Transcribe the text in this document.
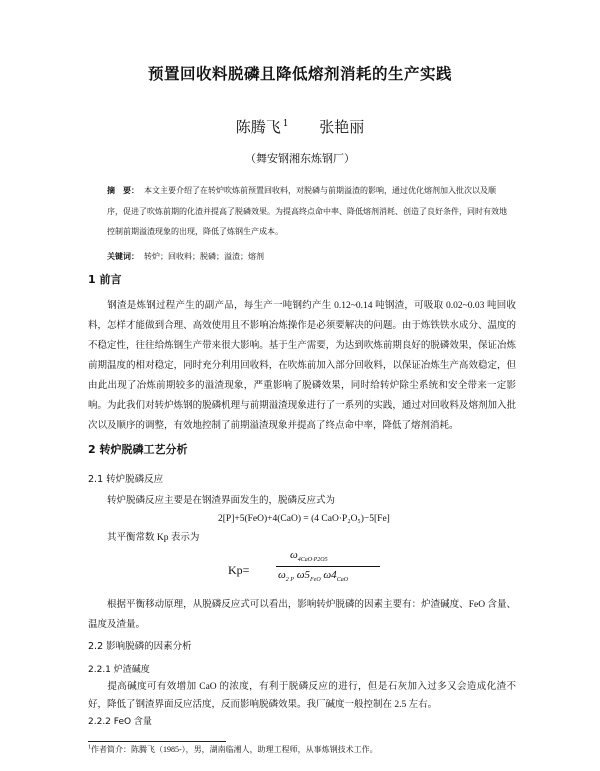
预置回收料脱磷且降低熔剂消耗的生产实践
陈腾飞 $^1$ 张艳丽
（舞安钢湘东炼钢厂）
摘　要： 本文主要介绍了在转炉吹炼前预置回收料，对脱磷与前期溢渣的影响，通过优化熔剂加入批次以及顺序，促进了吹炼前期的化渣并提高了脱磷效果。为提高终点命中率、降低熔剂消耗、创造了良好条件，同时有效地控制前期溢渣现象的出现，降低了炼钢生产成本。
关键词： 转炉；回收料；脱磷；溢渣；熔剂
1 前言
钢渣是炼钢过程产生的副产品，每生产一吨钢约产生 0.12~0.14 吨钢渣，可吸取 0.02~0.03 吨回收料，怎样才能做到合理、高效使用且不影响冶炼操作是必须要解决的问题。由于炼铁铁水成分、温度的不稳定性，往往给炼钢生产带来很大影响。基于生产需要，为达到吹炼前期良好的脱磷效果，保证冶炼前期温度的相对稳定，同时充分利用回收料，在吹炼前加入部分回收料，以保证冶炼生产高效稳定，但由此出现了冶炼前期较多的溢渣现象，严重影响了脱磷效果，同时给转炉除尘系统和安全带来一定影响。为此我们对转炉炼钢的脱磷机理与前期溢渣现象进行了一系列的实践，通过对回收料及熔剂加入批次以及顺序的调整，有效地控制了前期溢渣现象并提高了终点命中率，降低了熔剂消耗。
2 转炉脱磷工艺分析
2.1 转炉脱磷反应
转炉脱磷反应主要是在钢渣界面发生的，脱磷反应式为
2[P]+5(FeO)+4(CaO) = (4 CaO·P₂O₅)−5[Fe]
其平衡常数 Kp 表示为
Kp=
$\omega_{4CaO\cdot P2O5}$
$\omega_{2 P}$ $\omega 5_{FeO}$ $\omega 4_{CaO}$
根据平衡移动原理，从脱磷反应式可以看出，影响转炉脱磷的因素主要有：炉渣碱度、FeO 含量、温度及渣量。
2.2 影响脱磷的因素分析
2.2.1 炉渣碱度
提高碱度可有效增加 CaO 的浓度，有利于脱磷反应的进行，但是石灰加入过多又会造成化渣不好，降低了钢渣界面反应活度，反而影响脱磷效果。我厂碱度一般控制在 2.5 左右。
2.2.2 FeO 含量
$^1$作者简介：陈腾飞（1985-），男，湖南临湘人，助理工程师，从事炼钢技术工作。
